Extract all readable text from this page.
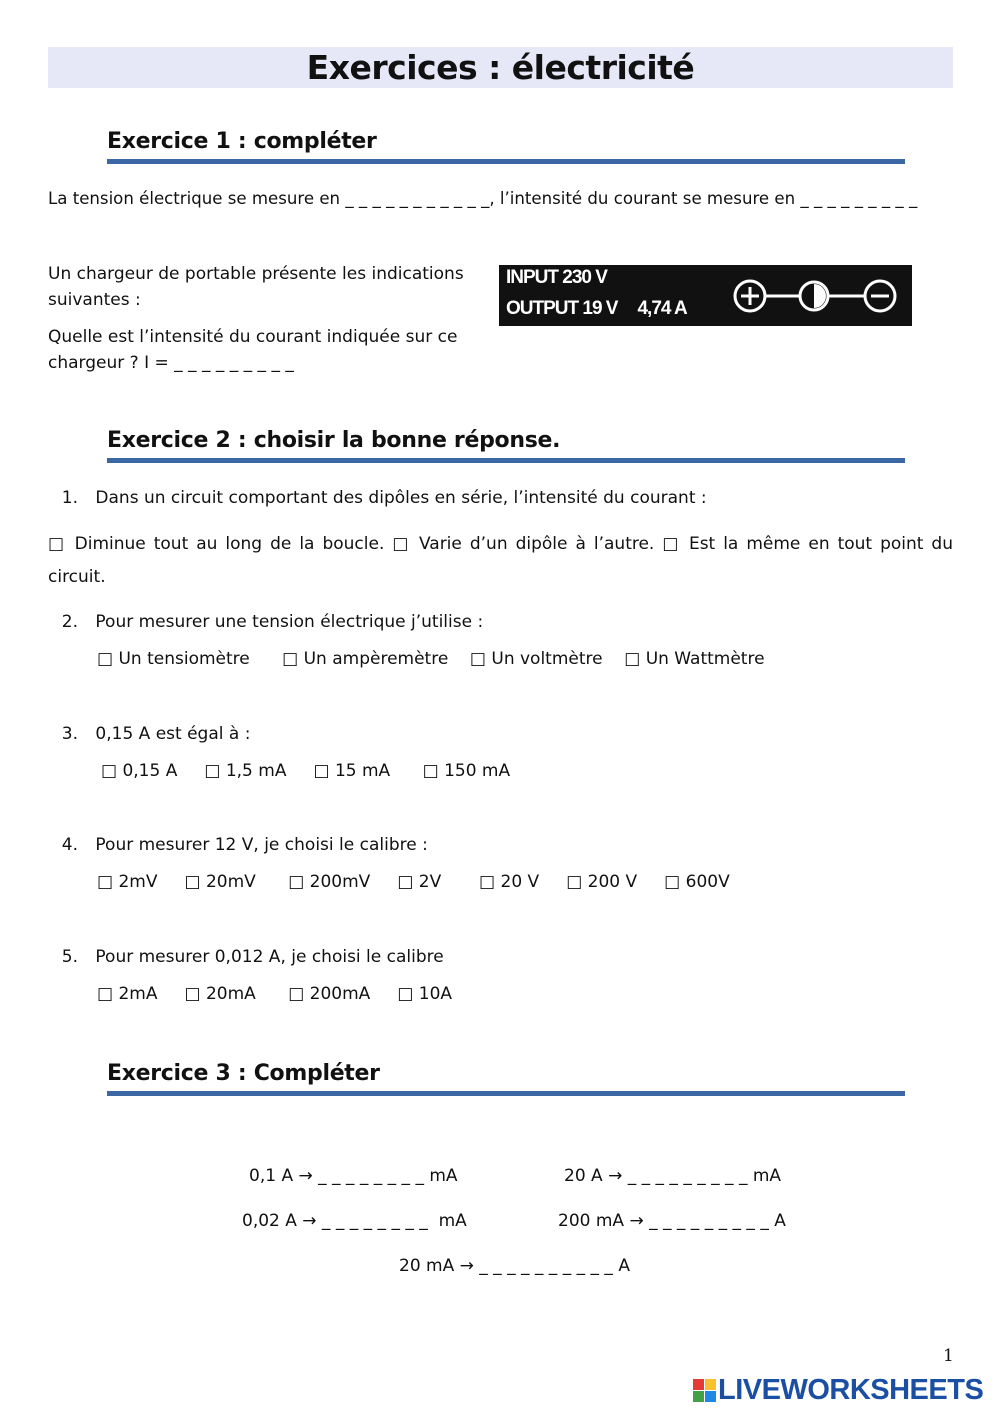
Exercices : électricité
Exercice 1 : compléter
La tension électrique se mesure en _ _ _ _ _ _ _ _ _ _ _, l’intensité du courant se mesure en _ _ _ _ _ _ _ _ _
Un chargeur de portable présente les indications
suivantes :
Quelle est l’intensité du courant indiquée sur ce
chargeur ? I = _ _ _ _ _ _ _ _ _
INPUT 230 V
OUTPUT 19 V 4,74 A
Exercice 2 : choisir la bonne réponse.
1. Dans un circuit comportant des dipôles en série, l’intensité du courant :
□ Diminue tout au long de la boucle. □ Varie d’un dipôle à l’autre. □ Est la même en tout point du
circuit.
2. Pour mesurer une tension électrique j’utilise :
□ Un tensiomètre      □ Un ampèremètre    □ Un voltmètre    □ Un Wattmètre
3. 0,15 A est égal à :
□ 0,15 A     □ 1,5 mA     □ 15 mA      □ 150 mA
4. Pour mesurer 12 V, je choisi le calibre :
□ 2mV     □ 20mV      □ 200mV     □ 2V       □ 20 V     □ 200 V     □ 600V
5. Pour mesurer 0,012 A, je choisi le calibre
□ 2mA     □ 20mA      □ 200mA     □ 10A
Exercice 3 : Compléter
0,1 A → _ _ _ _ _ _ _ _ mA	20 A → _ _ _ _ _ _ _ _ _ mA
0,02 A → _ _ _ _ _ _ _ _  mA	200 mA → _ _ _ _ _ _ _ _ _ A
20 mA → _ _ _ _ _ _ _ _ _ _ A
1
LIVEWORKSHEETS
